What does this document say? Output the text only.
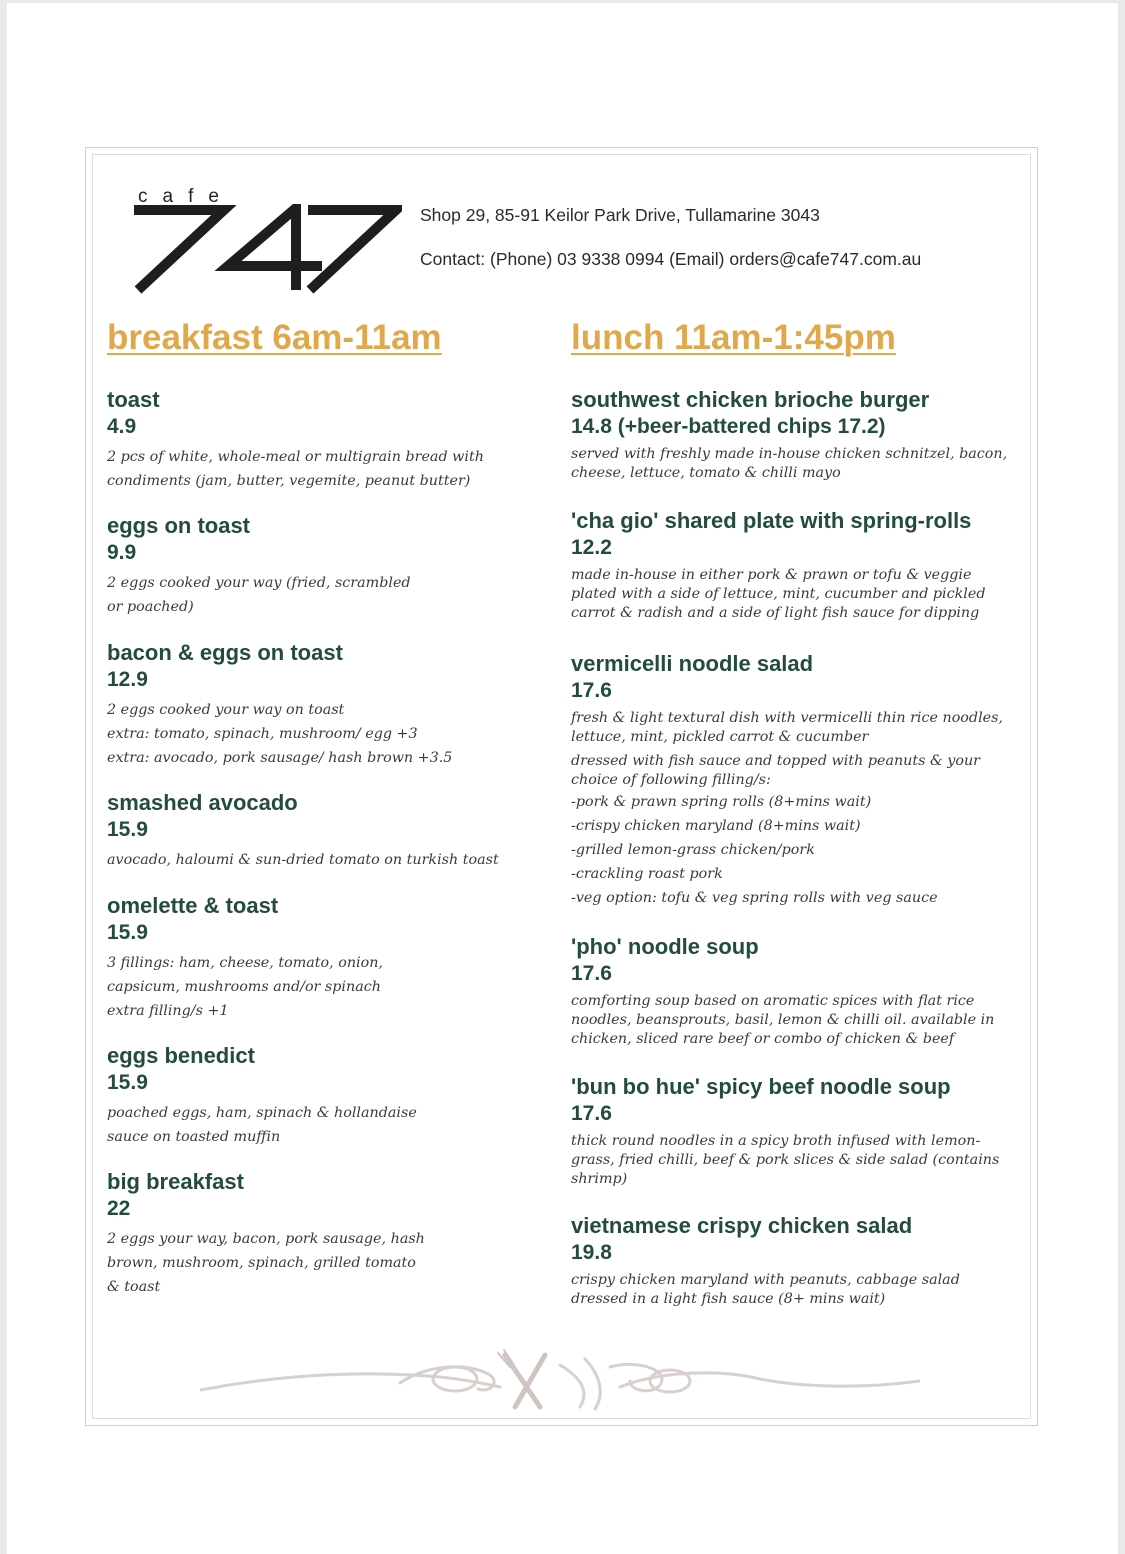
cafe
Shop 29, 85-91 Keilor Park Drive, Tullamarine 3043
Contact: (Phone) 03 9338 0994 (Email) orders@cafe747.com.au
breakfast 6am-11am
toast
4.9
2 pcs of white, whole-meal or multigrain bread with
condiments (jam, butter, vegemite, peanut butter)
eggs on toast
9.9
2 eggs cooked your way (fried, scrambled
or poached)
bacon & eggs on toast
12.9
2 eggs cooked your way on toast
extra: tomato, spinach, mushroom/ egg +3
extra: avocado, pork sausage/ hash brown +3.5
smashed avocado
15.9
avocado, haloumi & sun-dried tomato on turkish toast
omelette & toast
15.9
3 fillings: ham, cheese, tomato, onion,
capsicum, mushrooms and/or spinach
extra filling/s +1
eggs benedict
15.9
poached eggs, ham, spinach & hollandaise
sauce on toasted muffin
big breakfast
22
2 eggs your way, bacon, pork sausage, hash
brown, mushroom, spinach, grilled tomato
& toast
lunch 11am-1:45pm
southwest chicken brioche burger
14.8 (+beer-battered chips 17.2)
served with freshly made in-house chicken schnitzel, bacon,
cheese, lettuce, tomato & chilli mayo
'cha gio' shared plate with spring-rolls
12.2
made in-house in either pork & prawn or tofu & veggie
plated with a side of lettuce, mint, cucumber and pickled
carrot & radish and a side of light fish sauce for dipping
vermicelli noodle salad
17.6
fresh & light textural dish with vermicelli thin rice noodles,
lettuce, mint, pickled carrot & cucumber
dressed with fish sauce and topped with peanuts & your
choice of following filling/s:
-pork & prawn spring rolls (8+mins wait)
-crispy chicken maryland (8+mins wait)
-grilled lemon-grass chicken/pork
-crackling roast pork
-veg option: tofu & veg spring rolls with veg sauce
'pho' noodle soup
17.6
comforting soup based on aromatic spices with flat rice
noodles, beansprouts, basil, lemon & chilli oil. available in
chicken, sliced rare beef or combo of chicken & beef
'bun bo hue' spicy beef noodle soup
17.6
thick round noodles in a spicy broth infused with lemon-
grass, fried chilli, beef & pork slices & side salad (contains
shrimp)
vietnamese crispy chicken salad
19.8
crispy chicken maryland with peanuts, cabbage salad
dressed in a light fish sauce (8+ mins wait)
